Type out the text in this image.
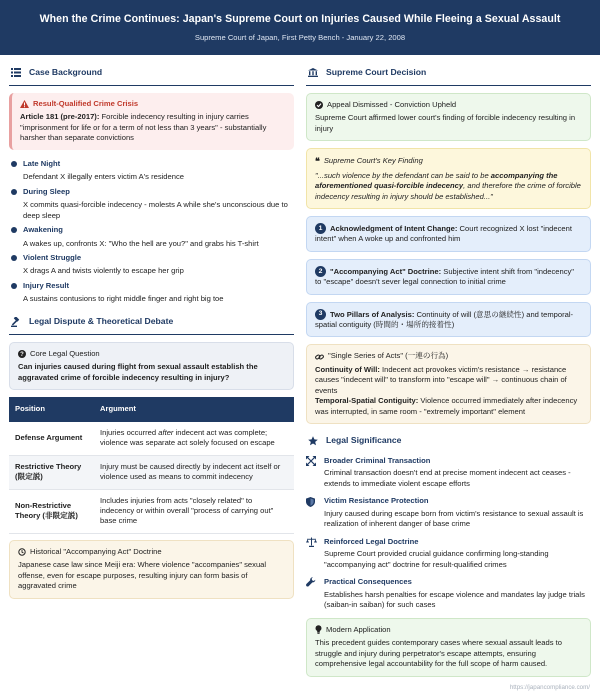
When the Crime Continues: Japan's Supreme Court on Injuries Caused While Fleeing a Sexual Assault
Supreme Court of Japan, First Petty Bench - January 22, 2008
Case Background
Result-Qualified Crime Crisis
Article 181 (pre-2017): Forcible indecency resulting in injury carries "imprisonment for life or for a term of not less than 3 years" - substantially harsher than separate convictions
Late Night
Defendant X illegally enters victim A's residence
During Sleep
X commits quasi-forcible indecency - molests A while she's unconscious due to deep sleep
Awakening
A wakes up, confronts X: "Who the hell are you?" and grabs his T-shirt
Violent Struggle
X drags A and twists violently to escape her grip
Injury Result
A sustains contusions to right middle finger and right big toe
Legal Dispute & Theoretical Debate
? Core Legal Question
Can injuries caused during flight from sexual assault establish the aggravated crime of forcible indecency resulting in injury?
Position	Argument
Defense Argument	Injuries occurred after indecent act was complete; violence was separate act solely focused on escape
Restrictive Theory (限定説)	Injury must be caused directly by indecent act itself or violence used as means to commit indecency
Non-Restrictive Theory (非限定説)	Includes injuries from acts "closely related" to indecency or within overall "process of carrying out" base crime
Historical "Accompanying Act" Doctrine
Japanese case law since Meiji era: Where violence "accompanies" sexual offense, even for escape purposes, resulting injury can form basis of aggravated crime
Supreme Court Decision
Appeal Dismissed - Conviction Upheld
Supreme Court affirmed lower court's finding of forcible indecency resulting in injury
❝ Supreme Court's Key Finding
"...such violence by the defendant can be said to be accompanying the aforementioned quasi-forcible indecency, and therefore the crime of forcible indecency resulting in injury should be established..."
1 Acknowledgment of Intent Change: Court recognized X lost "indecent intent" when A woke up and confronted him
2 "Accompanying Act" Doctrine: Subjective intent shift from "indecency" to "escape" doesn't sever legal connection to initial crime
3 Two Pillars of Analysis: Continuity of will (意思の継続性) and temporal-spatial contiguity (時間的・場所的接着性)
"Single Series of Acts" (一連の行為)
Continuity of Will: Indecent act provokes victim's resistance → resistance causes "indecent will" to transform into "escape will" → continuous chain of events
Temporal-Spatial Contiguity: Violence occurred immediately after indecency was interrupted, in same room - "extremely important" element
Legal Significance
Broader Criminal Transaction
Criminal transaction doesn't end at precise moment indecent act ceases - extends to immediate violent escape efforts
Victim Resistance Protection
Injury caused during escape born from victim's resistance to sexual assault is realization of inherent danger of base crime
Reinforced Legal Doctrine
Supreme Court provided crucial guidance confirming long-standing "accompanying act" doctrine for result-qualified crimes
Practical Consequences
Establishes harsh penalties for escape violence and mandates lay judge trials (saiban-in saiban) for such cases
Modern Application
This precedent guides contemporary cases where sexual assault leads to struggle and injury during perpetrator's escape attempts, ensuring comprehensive legal accountability for the full scope of harm caused.
https://japancompliance.com/
